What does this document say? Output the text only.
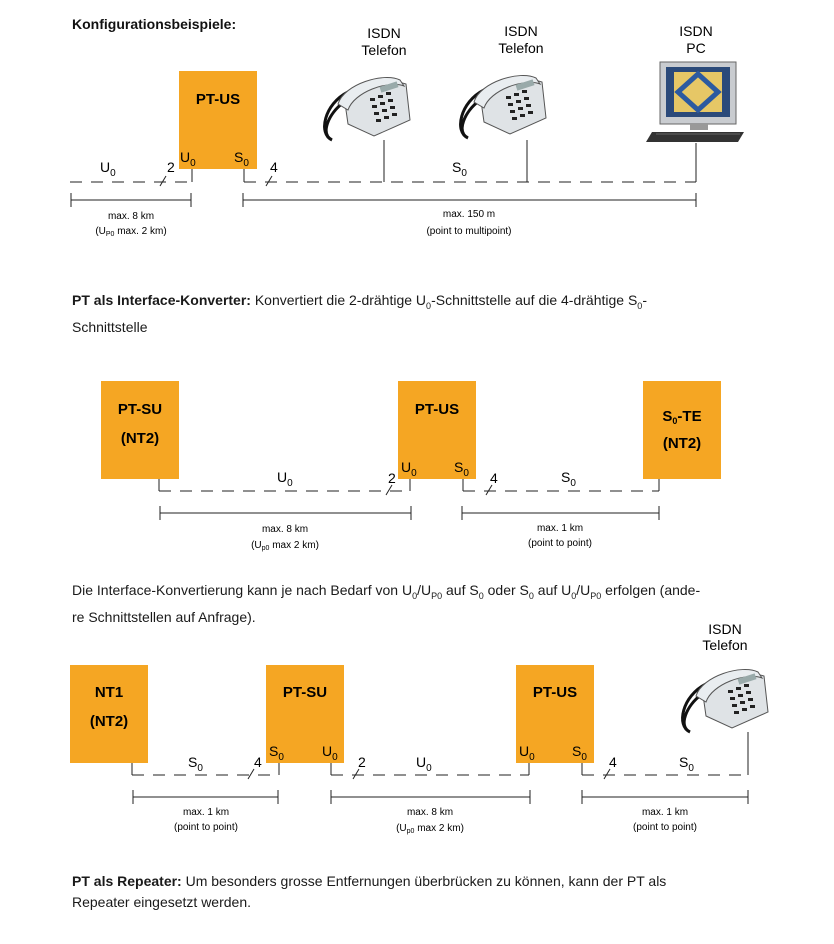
Konfigurationsbeispiele:
PT-US
ISDN
Telefon
ISDN
Telefon
ISDN
PC
$U_0$	2
$U_0$	$S_0$ 4	$S_0$
max. 8 km
($U_{P0}$ max. 2 km)
max. 150 m
(point to multipoint)
PT als Interface-Konverter: Konvertiert die 2-drähtige $U_0$-Schnittstelle auf die 4-drähtige $S_0-$
Schnittstelle
PT-SU
(NT2)
PT-US	$S_0-TE$
(NT2)
$U_0$	2
$U_0$	$S_0$ 4	$S_0$
max. 8 km
($U_{p0}$ max 2 km)
max. 1 km
(point to point)
Die Interface-Konvertierung kann je nach Bedarf von $U_0/U_{P0}$ auf $S_0$ oder $S_0$ auf $U_0/U_{P0}$ erfolgen (ande-
re Schnittstellen auf Anfrage).
NT1
(NT2)
PT-SU	PT-US
ISDN
Telefon
$S_0$	4
$S_0$	$U_0$ 2	$U_0$
$U_0$	$S_0$ 4	$S_0$
max. 1 km
(point to point)
max. 8 km
($U_{p0}$ max 2 km)
max. 1 km
(point to point)
PT als Repeater: Um besonders grosse Entfernungen überbrücken zu können, kann der PT als
Repeater eingesetzt werden.
